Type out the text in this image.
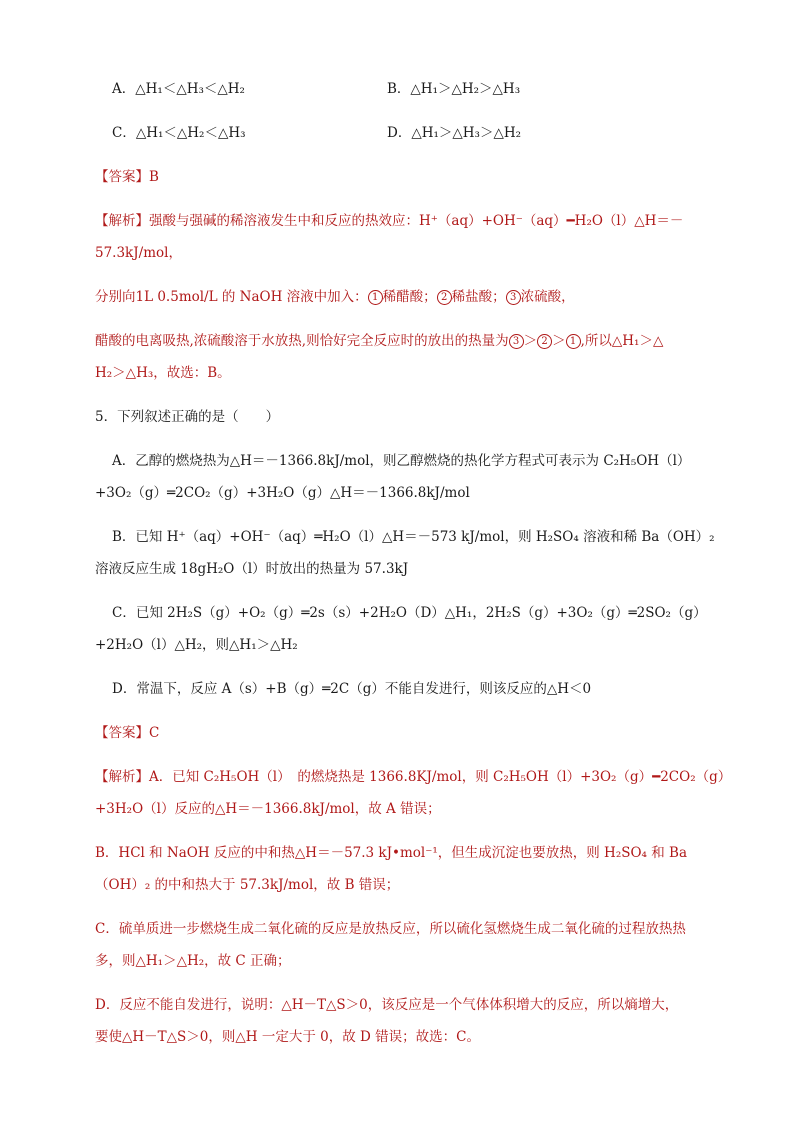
A．△H₁＜△H₃＜△H₂	B．△H₁＞△H₂＞△H₃
C．△H₁＜△H₂＜△H₃	D．△H₁＞△H₃＞△H₂
【答案】B
【解析】强酸与强碱的稀溶液发生中和反应的热效应：H⁺（aq）+OH⁻（aq）━H₂O（l）△H＝－
57.3kJ/mol，
分别向1L 0.5mol/L 的 NaOH 溶液中加入： 1 稀醋酸； 2 稀盐酸； 3 浓硫酸，
醋酸的电离吸热,浓硫酸溶于水放热,则恰好完全反应时的放出的热量为 3 ＞ 2 ＞ 1 ,所以△H₁＞△
H₂＞△H₃，故选：B。
5．下列叙述正确的是（　　）
A．乙醇的燃烧热为△H＝－1366.8kJ/mol，则乙醇燃烧的热化学方程式可表示为 C₂H₅OH（l）
+3O₂（g）═2CO₂（g）+3H₂O（g）△H＝－1366.8kJ/mol
B．已知 H⁺（aq）+OH⁻（aq）═H₂O（l）△H＝－573 kJ/mol，则 H₂SO₄ 溶液和稀 Ba（OH）₂
溶液反应生成 18gH₂O（l）时放出的热量为 57.3kJ
C．已知 2H₂S（g）+O₂（g）═2s（s）+2H₂O（D）△H₁，2H₂S（g）+3O₂（g）═2SO₂（g）
+2H₂O（l）△H₂，则△H₁＞△H₂
D．常温下，反应 A（s）+B（g）═2C（g）不能自发进行，则该反应的△H＜0
【答案】C
【解析】A．已知 C₂H₅OH（l）　的燃烧热是 1366.8KJ/mol，则 C₂H₅OH（l）+3O₂（g）━2CO₂（g）
+3H₂O（l）反应的△H＝－1366.8kJ/mol，故 A 错误；
B．HCl 和 NaOH 反应的中和热△H＝－57.3 kJ•mol⁻¹，但生成沉淀也要放热，则 H₂SO₄ 和 Ba
（OH）₂ 的中和热大于 57.3kJ/mol，故 B 错误；
C．硫单质进一步燃烧生成二氧化硫的反应是放热反应，所以硫化氢燃烧生成二氧化硫的过程放热热
多，则△H₁＞△H₂，故 C 正确；
D．反应不能自发进行，说明：△H－T△S＞0，该反应是一个气体体积增大的反应，所以熵增大，
要使△H－T△S＞0，则△H 一定大于 0，故 D 错误；故选：C。
